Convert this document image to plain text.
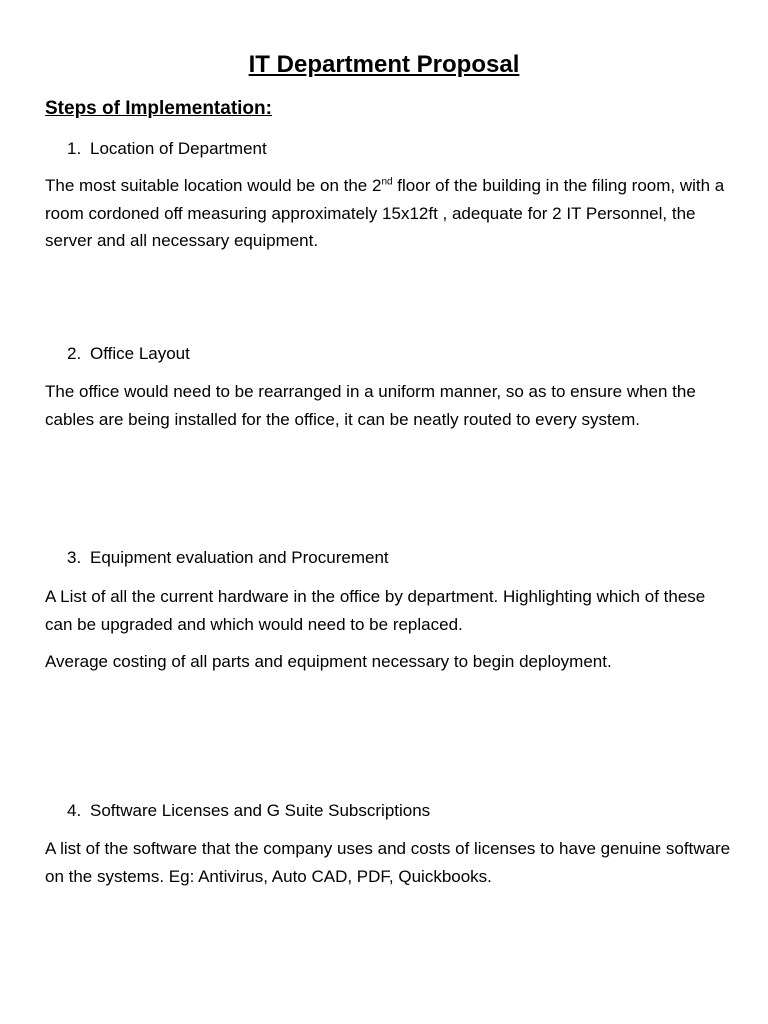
IT Department Proposal
Steps of Implementation:
1. Location of Department
The most suitable location would be on the 2nd floor of the building in the filing room, with a room cordoned off measuring approximately 15x12ft , adequate for 2 IT Personnel, the server and all necessary equipment.
2. Office Layout
The office would need to be rearranged in a uniform manner, so as to ensure when the cables are being installed for the office, it can be neatly routed to every system.
3. Equipment evaluation and Procurement
A List of all the current hardware in the office by department. Highlighting which of these can be upgraded and which would need to be replaced.
Average costing of all parts and equipment necessary to begin deployment.
4. Software Licenses and G Suite Subscriptions
A list of the software that the company uses and costs of licenses to have genuine software on the systems. Eg: Antivirus, Auto CAD, PDF, Quickbooks.
